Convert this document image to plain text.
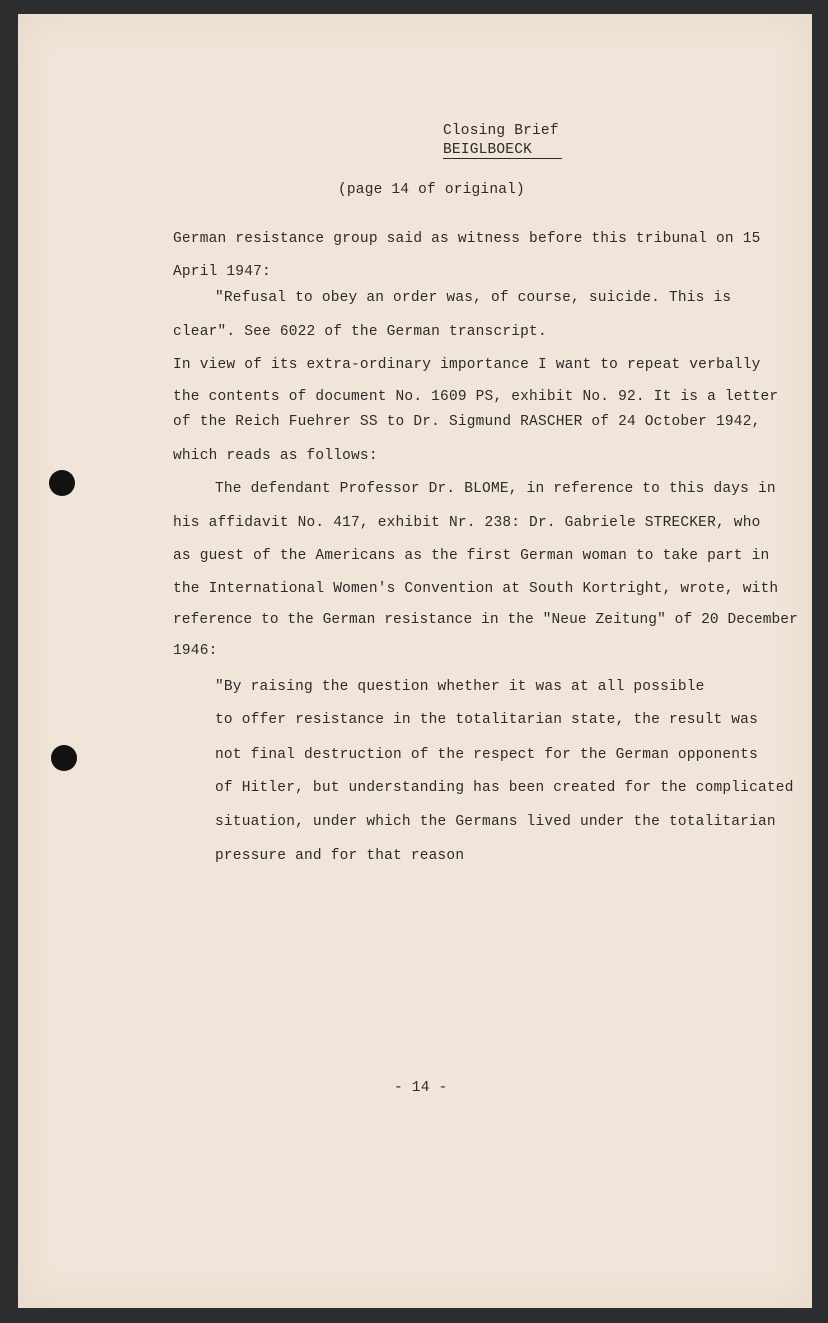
Closing Brief
BEIGLBOECK
(page 14 of original)
German resistance group said as witness before this tribunal on 15
April 1947:
"Refusal to obey an order was, of course, suicide. This is
clear". See 6022 of the German transcript.
In view of its extra-ordinary importance I want to repeat verbally
the contents of document No. 1609 PS, exhibit No. 92. It is a letter
of the Reich Fuehrer SS to Dr. Sigmund RASCHER of 24 October 1942,
which reads as follows:
The defendant Professor Dr. BLOME, in reference to this days in
his affidavit No. 417, exhibit Nr. 238: Dr. Gabriele STRECKER, who
as guest of the Americans as the first German woman to take part in
the International Women's Convention at South Kortright, wrote, with
reference to the German resistance in the "Neue Zeitung" of 20 December
1946:
"By raising the question whether it was at all possible
to offer resistance in the totalitarian state, the result was
not final destruction of the respect for the German opponents
of Hitler, but understanding has been created for the complicated
situation, under which the Germans lived under the totalitarian
pressure and for that reason
- 14 -
